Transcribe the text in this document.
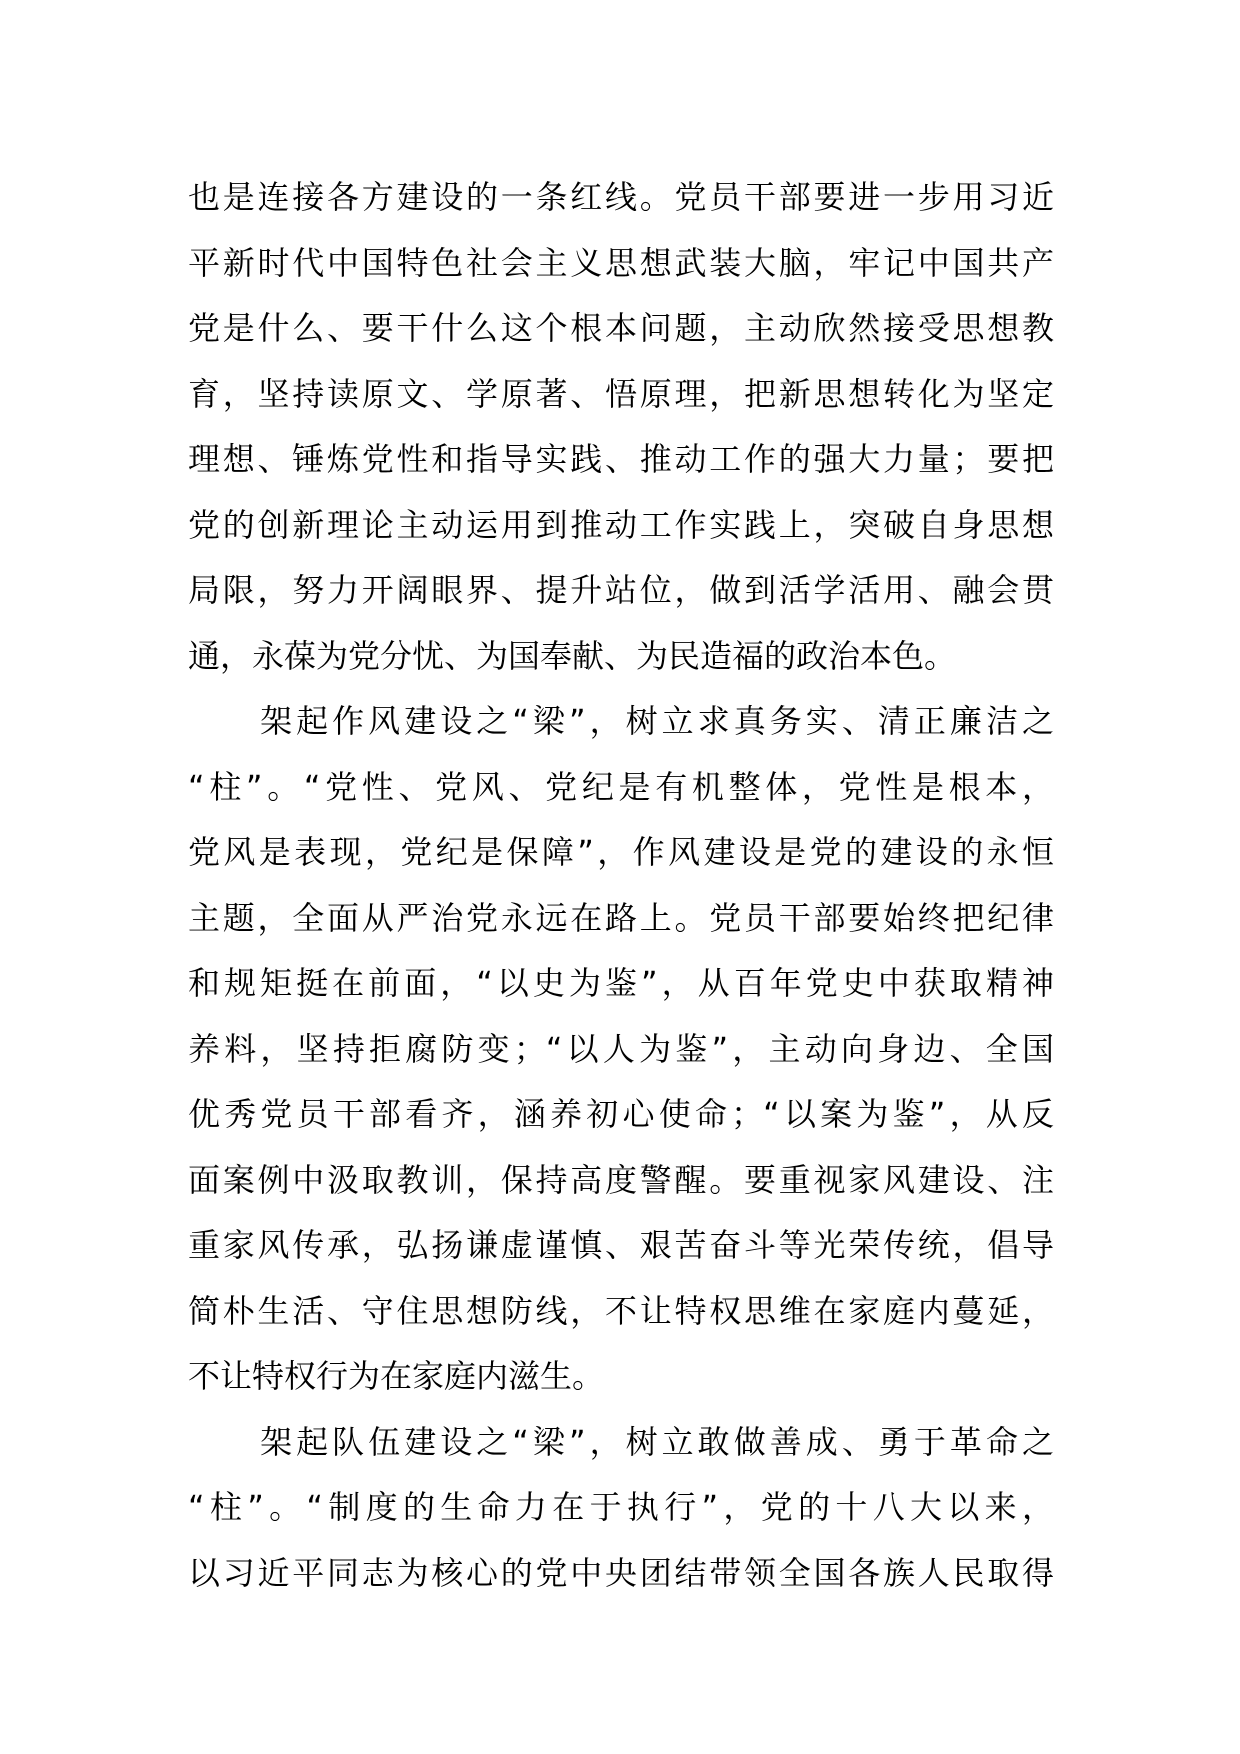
也是连接各方建设的一条红线。党员干部要进一步用习近
平新时代中国特色社会主义思想武装大脑，牢记中国共产
党是什么、要干什么这个根本问题，主动欣然接受思想教
育，坚持读原文、学原著、悟原理，把新思想转化为坚定
理想、锤炼党性和指导实践、推动工作的强大力量；要把
党的创新理论主动运用到推动工作实践上，突破自身思想
局限，努力开阔眼界、提升站位，做到活学活用、融会贯
通，永葆为党分忧、为国奉献、为民造福的政治本色。
　　架起作风建设之“梁”，树立求真务实、清正廉洁之
“柱”。“党性、党风、党纪是有机整体，党性是根本，
党风是表现，党纪是保障”，作风建设是党的建设的永恒
主题，全面从严治党永远在路上。党员干部要始终把纪律
和规矩挺在前面，“以史为鉴”，从百年党史中获取精神
养料，坚持拒腐防变；“以人为鉴”，主动向身边、全国
优秀党员干部看齐，涵养初心使命；“以案为鉴”，从反
面案例中汲取教训，保持高度警醒。要重视家风建设、注
重家风传承，弘扬谦虚谨慎、艰苦奋斗等光荣传统，倡导
简朴生活、守住思想防线，不让特权思维在家庭内蔓延，
不让特权行为在家庭内滋生。
　　架起队伍建设之“梁”，树立敢做善成、勇于革命之
“柱”。“制度的生命力在于执行”，党的十八大以来，
以习近平同志为核心的党中央团结带领全国各族人民取得
